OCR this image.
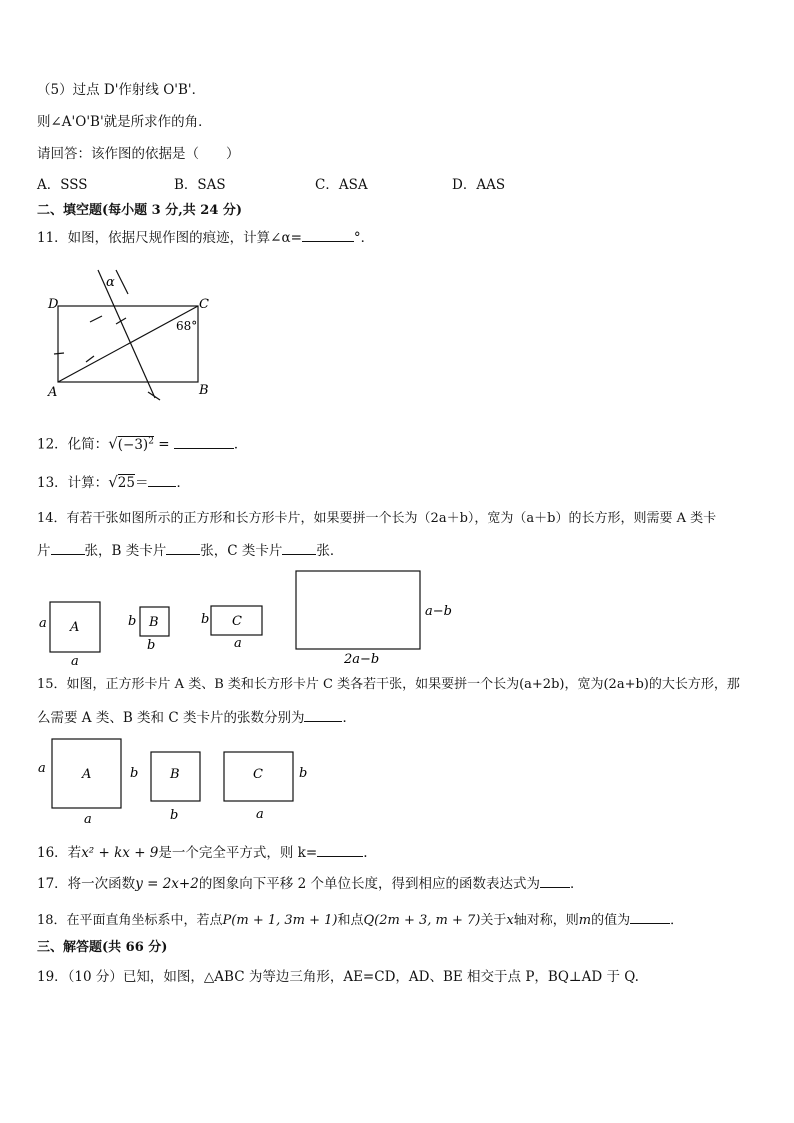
（5）过点 D'作射线 O'B'．
则∠A'O'B'就是所求作的角．
请回答：该作图的依据是（　　）
A．SSS	B．SAS	C．ASA	D．AAS
二、填空题(每小题 3 分,共 24 分)
11．如图，依据尺规作图的痕迹，计算∠α=	°．
D	C
A	B
α
68°
12．化简：$√(-3)^2$ =	．
13．计算：√25＝ ．
14．有若干张如图所示的正方形和长方形卡片，如果要拼一个长为（2a＋b），宽为（a＋b）的长方形，则需要 A 类卡
片	张，B 类卡片	张，C 类卡片	张．
A
a
a
B
b
b
C
b
a
a−b
2a−b
15．如图，正方形卡片 A 类、B 类和长方形卡片 C 类各若干张，如果要拼一个长为(a+2b)，宽为(2a+b)的大长方形，那
么需要 A 类、B 类和 C 类卡片的张数分别为	．
A
a
a
b B
b
C	b
a
16．若x² + kx + 9是一个完全平方式，则 k=	.
17．将一次函数y = 2x+2的图象向下平移 2 个单位长度，得到相应的函数表达式为 ．
18．在平面直角坐标系中，若点P(m + 1, 3m + 1)和点Q(2m + 3, m + 7)关于x轴对称，则m的值为	．
三、解答题(共 66 分)
19．（10 分）已知，如图，△ABC 为等边三角形，AE=CD，AD、BE 相交于点 P，BQ⊥AD 于 Q.
